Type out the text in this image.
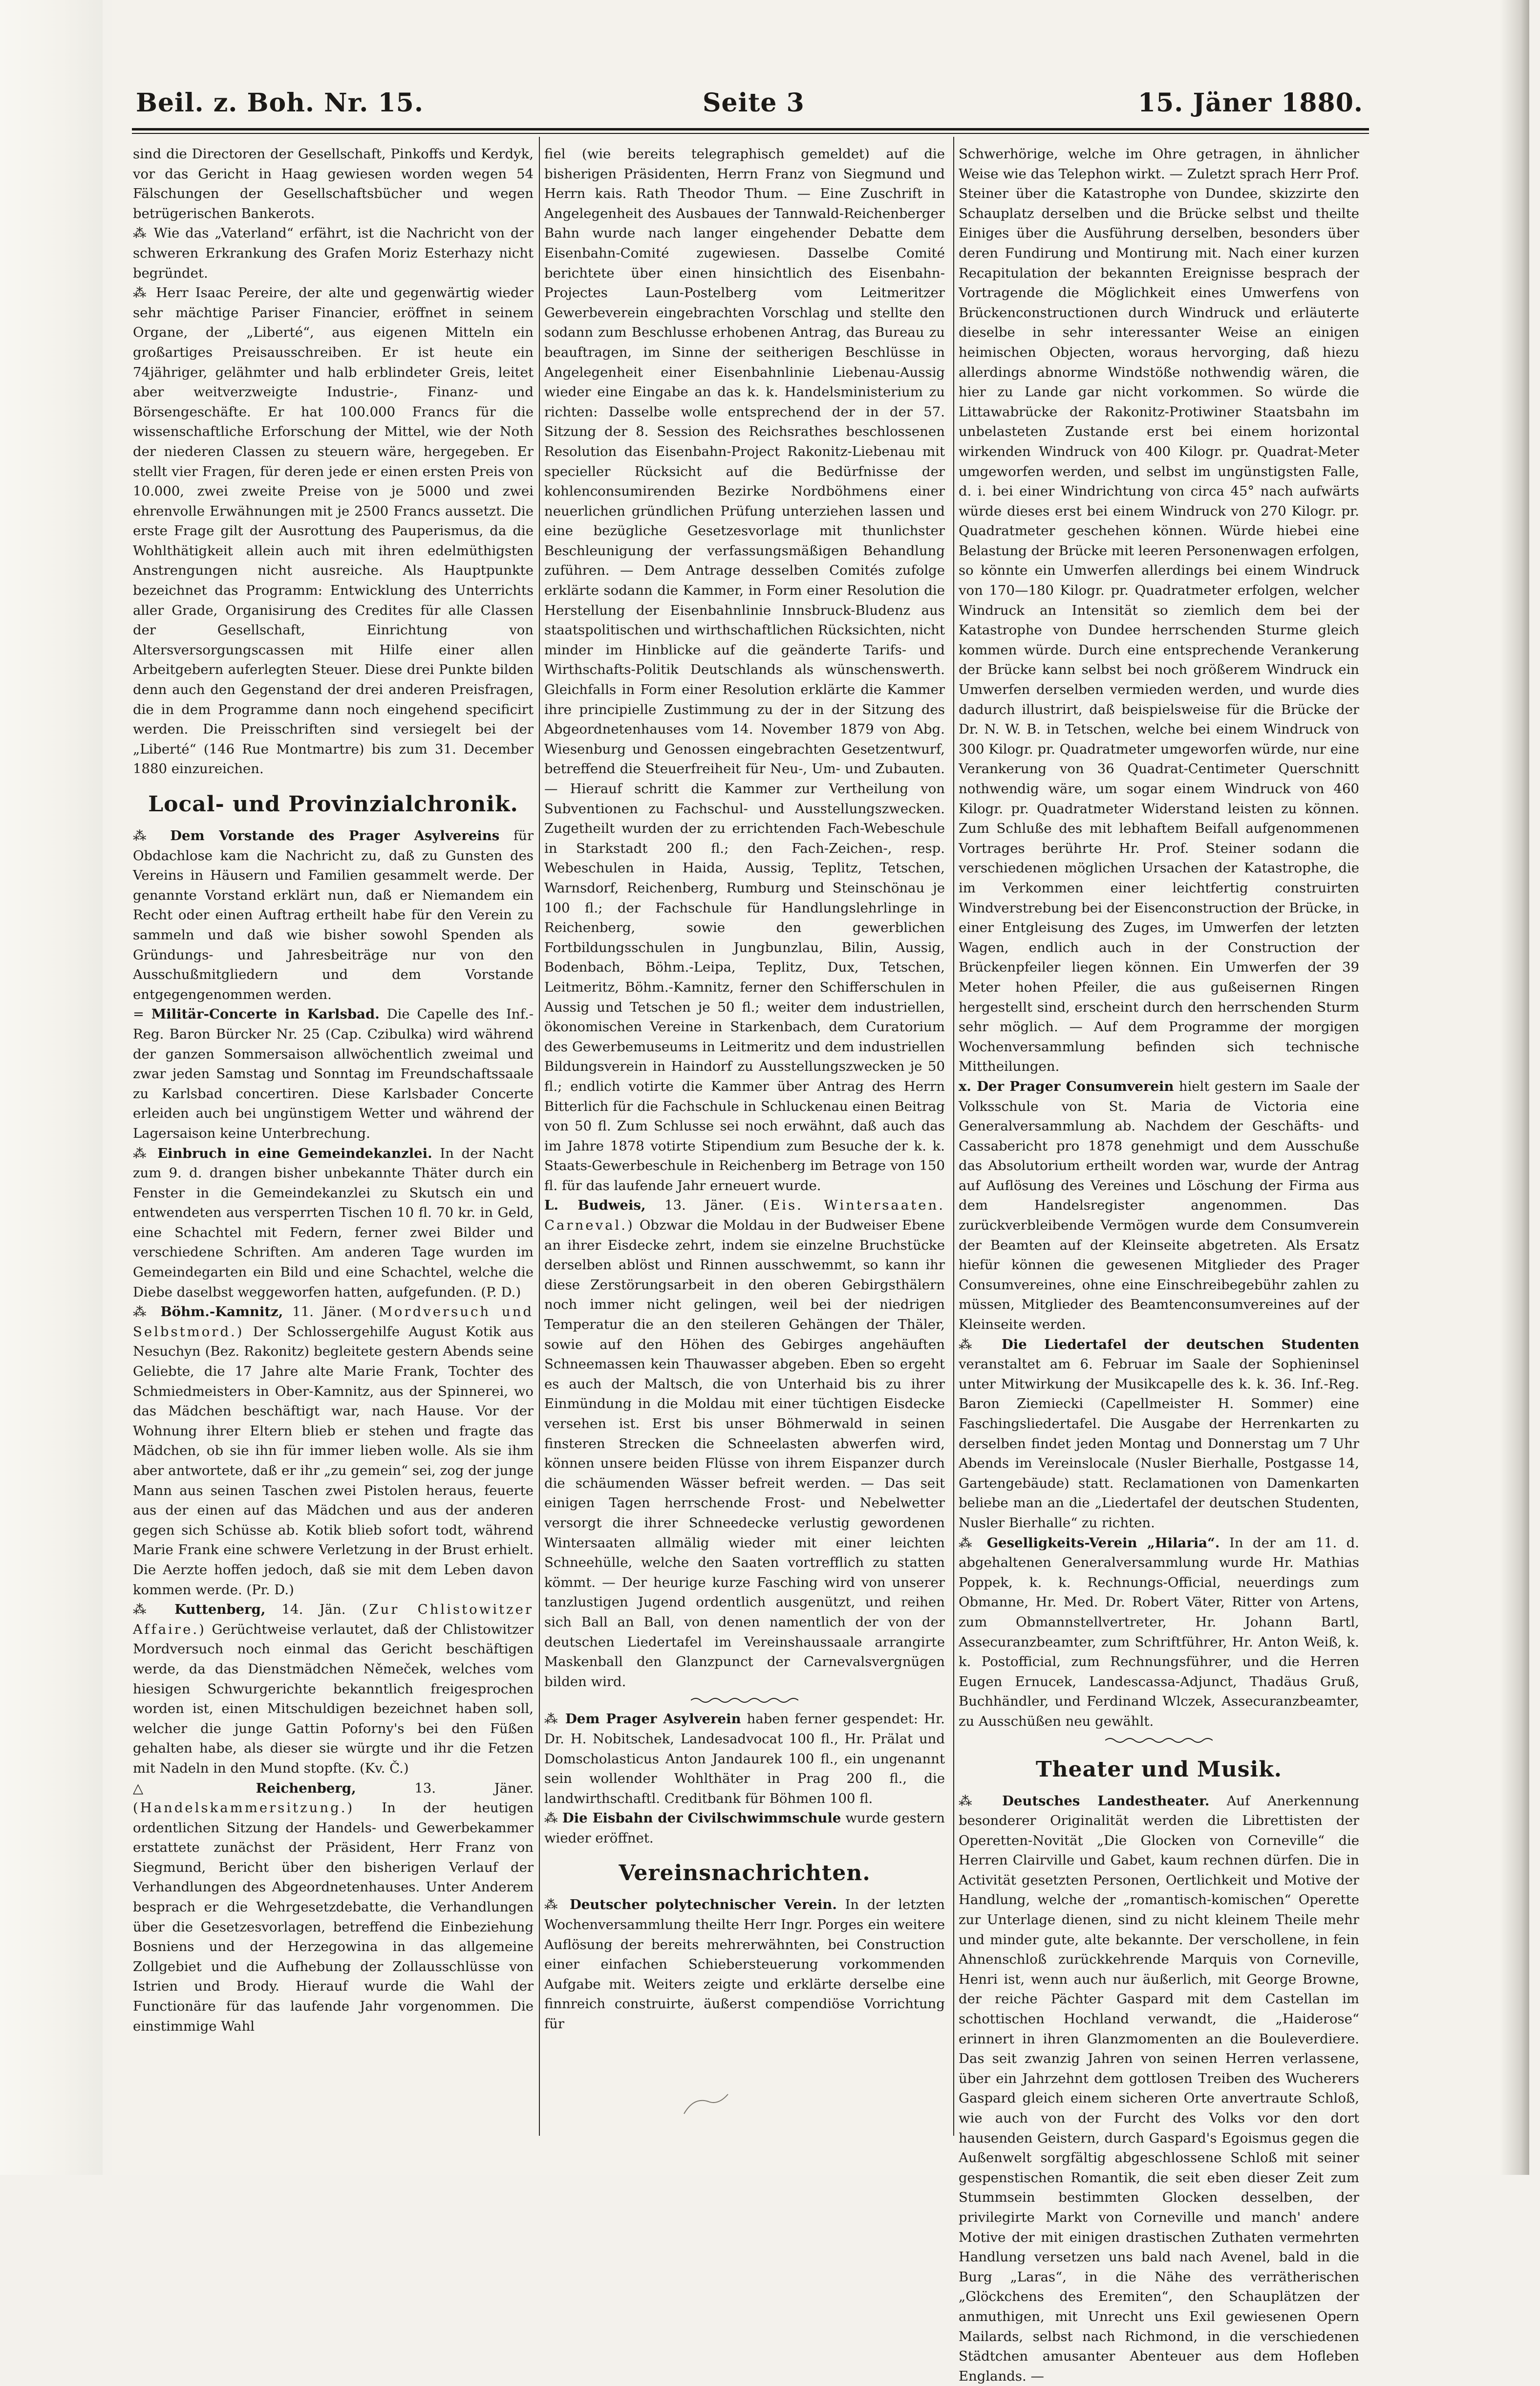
Beil. z. Boh. Nr. 15.	Seite 3	15. Jäner 1880.

sind die Directoren der Gesellschaft, Pinkoffs und Kerdyk, vor das Gericht in Haag gewiesen worden wegen 54 Fälschungen der Gesellschaftsbücher und wegen betrügerischen Bankerots.

⁂ Wie das „Vaterland“ erfährt, ist die Nachricht von der schweren Erkrankung des Grafen Moriz Esterhazy nicht begründet.

⁂ Herr Isaac Pereire, der alte und gegenwärtig wieder sehr mächtige Pariser Financier, eröffnet in seinem Organe, der „Liberté“, aus eigenen Mitteln ein großartiges Preisausschreiben. Er ist heute ein 74jähriger, gelähmter und halb erblindeter Greis, leitet aber weitverzweigte Industrie-, Finanz- und Börsengeschäfte. Er hat 100.000 Francs für die wissenschaftliche Erforschung der Mittel, wie der Noth der niederen Classen zu steuern wäre, hergegeben. Er stellt vier Fragen, für deren jede er einen ersten Preis von 10.000, zwei zweite Preise von je 5000 und zwei ehrenvolle Erwähnungen mit je 2500 Francs aussetzt. Die erste Frage gilt der Ausrottung des Pauperismus, da die Wohlthätigkeit allein auch mit ihren edelmüthigsten Anstrengungen nicht ausreiche. Als Hauptpunkte bezeichnet das Programm: Entwicklung des Unterrichts aller Grade, Organisirung des Credites für alle Classen der Gesellschaft, Einrichtung von Altersversorgungscassen mit Hilfe einer allen Arbeitgebern auferlegten Steuer. Diese drei Punkte bilden denn auch den Gegenstand der drei anderen Preisfragen, die in dem Programme dann noch eingehend specificirt werden. Die Preisschriften sind versiegelt bei der „Liberté“ (146 Rue Montmartre) bis zum 31. December 1880 einzureichen.

Local- und Provinzialchronik.

⁂ Dem Vorstande des Prager Asylvereins für Obdachlose kam die Nachricht zu, daß zu Gunsten des Vereins in Häusern und Familien gesammelt werde. Der genannte Vorstand erklärt nun, daß er Niemandem ein Recht oder einen Auftrag ertheilt habe für den Verein zu sammeln und daß wie bisher sowohl Spenden als Gründungs- und Jahresbeiträge nur von den Ausschußmitgliedern und dem Vorstande entgegengenommen werden.

= Militär-Concerte in Karlsbad. Die Capelle des Inf.-Reg. Baron Bürcker Nr. 25 (Cap. Czibulka) wird während der ganzen Sommersaison allwöchentlich zweimal und zwar jeden Samstag und Sonntag im Freundschaftssaale zu Karlsbad concertiren. Diese Karlsbader Concerte erleiden auch bei ungünstigem Wetter und während der Lagersaison keine Unterbrechung.

⁂ Einbruch in eine Gemeindekanzlei. In der Nacht zum 9. d. drangen bisher unbekannte Thäter durch ein Fenster in die Gemeindekanzlei zu Skutsch ein und entwendeten aus versperrten Tischen 10 fl. 70 kr. in Geld, eine Schachtel mit Federn, ferner zwei Bilder und verschiedene Schriften. Am anderen Tage wurden im Gemeindegarten ein Bild und eine Schachtel, welche die Diebe daselbst weggeworfen hatten, aufgefunden. (P. D.)

⁂ Böhm.-Kamnitz, 11. Jäner. (Mordversuch und Selbstmord.) Der Schlossergehilfe August Kotik aus Nesuchyn (Bez. Rakonitz) begleitete gestern Abends seine Geliebte, die 17 Jahre alte Marie Frank, Tochter des Schmiedmeisters in Ober-Kamnitz, aus der Spinnerei, wo das Mädchen beschäftigt war, nach Hause. Vor der Wohnung ihrer Eltern blieb er stehen und fragte das Mädchen, ob sie ihn für immer lieben wolle. Als sie ihm aber antwortete, daß er ihr „zu gemein“ sei, zog der junge Mann aus seinen Taschen zwei Pistolen heraus, feuerte aus der einen auf das Mädchen und aus der anderen gegen sich Schüsse ab. Kotik blieb sofort todt, während Marie Frank eine schwere Verletzung in der Brust erhielt. Die Aerzte hoffen jedoch, daß sie mit dem Leben davon kommen werde. (Pr. D.)

⁂ Kuttenberg, 14. Jän. (Zur Chlistowitzer Affaire.) Gerüchtweise verlautet, daß der Chlistowitzer Mordversuch noch einmal das Gericht beschäftigen werde, da das Dienstmädchen Němeček, welches vom hiesigen Schwurgerichte bekanntlich freigesprochen worden ist, einen Mitschuldigen bezeichnet haben soll, welcher die junge Gattin Poforny's bei den Füßen gehalten habe, als dieser sie würgte und ihr die Fetzen mit Nadeln in den Mund stopfte. (Kv. Č.)

△ Reichenberg,	13. Jäner. (Handelskammersitzung.) In der heutigen ordentlichen Sitzung der Handels- und Gewerbekammer erstattete zunächst der Präsident, Herr Franz von Siegmund, Bericht über den bisherigen Verlauf der Verhandlungen des Abgeordnetenhauses. Unter Anderem besprach er die Wehrgesetzdebatte, die Verhandlungen über die Gesetzesvorlagen, betreffend die Einbeziehung Bosniens und der Herzegowina in das allgemeine Zollgebiet und die Aufhebung der Zollausschlüsse von Istrien und Brody. Hierauf wurde die Wahl der Functionäre für das laufende Jahr vorgenommen. Die einstimmige Wahl

fiel (wie bereits telegraphisch gemeldet) auf die bisherigen Präsidenten, Herrn Franz von Siegmund und Herrn kais. Rath Theodor Thum. — Eine Zuschrift in Angelegenheit des Ausbaues der Tannwald-Reichenberger Bahn wurde nach langer eingehender Debatte dem Eisenbahn-Comité zugewiesen. Dasselbe Comité berichtete über einen hinsichtlich des Eisenbahn-Projectes Laun-Postelberg vom Leitmeritzer Gewerbeverein eingebrachten Vorschlag und stellte den sodann zum Beschlusse erhobenen Antrag, das Bureau zu beauftragen, im Sinne der seitherigen Beschlüsse in Angelegenheit einer Eisenbahnlinie Liebenau-Aussig wieder eine Eingabe an das k. k. Handelsministerium zu richten: Dasselbe wolle entsprechend der in der 57. Sitzung der 8. Session des Reichsrathes beschlossenen Resolution das Eisenbahn-Project Rakonitz-Liebenau mit specieller Rücksicht auf die Bedürfnisse der kohlenconsumirenden Bezirke Nordböhmens einer neuerlichen gründlichen Prüfung unterziehen lassen und eine bezügliche Gesetzesvorlage mit thunlichster Beschleunigung der verfassungsmäßigen Behandlung zuführen. — Dem Antrage desselben Comités zufolge erklärte sodann die Kammer, in Form einer Resolution die Herstellung der Eisenbahnlinie Innsbruck-Bludenz aus staatspolitischen und wirthschaftlichen Rücksichten, nicht minder im Hinblicke auf die geänderte Tarifs- und Wirthschafts-Politik Deutschlands als wünschenswerth. Gleichfalls in Form einer Resolution erklärte die Kammer ihre principielle Zustimmung zu der in der Sitzung des Abgeordnetenhauses vom 14. November 1879 von Abg. Wiesenburg und Genossen eingebrachten Gesetzentwurf, betreffend die Steuerfreiheit für Neu-, Um- und Zubauten. — Hierauf schritt die Kammer zur Vertheilung von Subventionen zu Fachschul- und Ausstellungszwecken. Zugetheilt wurden der zu errichtenden Fach-Webeschule in Starkstadt 200 fl.; den Fach-Zeichen-, resp. Webeschulen in Haida, Aussig, Teplitz, Tetschen, Warnsdorf, Reichenberg, Rumburg und Steinschönau je 100 fl.; der Fachschule für Handlungslehrlinge in Reichenberg, sowie den gewerblichen Fortbildungsschulen in Jungbunzlau, Bilin, Aussig, Bodenbach, Böhm.-Leipa, Teplitz, Dux, Tetschen, Leitmeritz, Böhm.-Kamnitz, ferner den Schifferschulen in Aussig und Tetschen je 50 fl.; weiter dem industriellen, ökonomischen Vereine in Starkenbach, dem Curatorium des Gewerbemuseums in Leitmeritz und dem industriellen Bildungsverein in Haindorf zu Ausstellungszwecken je 50 fl.; endlich votirte die Kammer über Antrag des Herrn Bitterlich für die Fachschule in Schluckenau einen Beitrag von 50 fl. Zum Schlusse sei noch erwähnt, daß auch das im Jahre 1878 votirte Stipendium zum Besuche der k. k. Staats-Gewerbeschule in Reichenberg im Betrage von 150 fl. für das laufende Jahr erneuert wurde.

L. Budweis, 13. Jäner. (Eis. Wintersaaten. Carneval.) Obzwar die Moldau in der Budweiser Ebene an ihrer Eisdecke zehrt, indem sie einzelne Bruchstücke derselben ablöst und Rinnen ausschwemmt, so kann ihr diese Zerstörungsarbeit in den oberen Gebirgsthälern noch immer nicht gelingen, weil bei der niedrigen Temperatur die an den steileren Gehängen der Thäler, sowie auf den Höhen des Gebirges angehäuften Schneemassen kein Thauwasser abgeben. Eben so ergeht es auch der Maltsch, die von Unterhaid bis zu ihrer Einmündung in die Moldau mit einer tüchtigen Eisdecke versehen ist. Erst bis unser Böhmerwald in seinen finsteren Strecken die Schneelasten abwerfen wird, können unsere beiden Flüsse von ihrem Eispanzer durch die schäumenden Wässer befreit werden. — Das seit einigen Tagen herrschende Frost- und Nebelwetter versorgt die ihrer Schneedecke verlustig gewordenen Wintersaaten allmälig wieder mit einer leichten Schneehülle, welche den Saaten vortrefflich zu statten kömmt. — Der heurige kurze Fasching wird von unserer tanzlustigen Jugend ordentlich ausgenützt, und reihen sich Ball an Ball, von denen namentlich der von der deutschen Liedertafel im Vereinshaussaale arrangirte Maskenball den Glanzpunct der Carnevalsvergnügen bilden wird.

⁂ Dem Prager Asylverein haben ferner gespendet: Hr. Dr. H. Nobitschek, Landesadvocat 100 fl., Hr. Prälat und Domscholasticus Anton Jandaurek 100 fl., ein ungenannt sein wollender Wohlthäter in Prag 200 fl., die landwirthschaftl. Creditbank für Böhmen 100 fl.

⁂ Die Eisbahn der Civilschwimmschule wurde gestern wieder eröffnet.

Vereinsnachrichten.

⁂ Deutscher polytechnischer Verein. In der letzten Wochenversammlung theilte Herr Ingr. Porges ein weitere Auflösung der bereits mehrerwähnten, bei Construction einer einfachen Schiebersteuerung vorkommenden Aufgabe mit. Weiters zeigte und erklärte derselbe eine finnreich construirte, äußerst compendiöse Vorrichtung für

Schwerhörige, welche im Ohre getragen, in ähnlicher Weise wie das Telephon wirkt. — Zuletzt sprach Herr Prof. Steiner über die Katastrophe von Dundee, skizzirte den Schauplatz derselben und die Brücke selbst und theilte Einiges über die Ausführung derselben, besonders über deren Fundirung und Montirung mit. Nach einer kurzen Recapitulation der bekannten Ereignisse besprach der Vortragende die Möglichkeit eines Umwerfens von Brückenconstructionen durch Windruck und erläuterte dieselbe in sehr interessanter Weise an einigen heimischen Objecten, woraus hervorging, daß hiezu allerdings abnorme Windstöße nothwendig wären, die hier zu Lande gar nicht vorkommen. So würde die Littawabrücke der Rakonitz-Protiwiner Staatsbahn im unbelasteten Zustande erst bei einem horizontal wirkenden Windruck von 400 Kilogr. pr. Quadrat-Meter umgeworfen werden, und selbst im ungünstigsten Falle, d. i. bei einer Windrichtung von circa 45° nach aufwärts würde dieses erst bei einem Windruck von 270 Kilogr. pr. Quadratmeter geschehen können. Würde hiebei eine Belastung der Brücke mit leeren Personenwagen erfolgen, so könnte ein Umwerfen allerdings bei einem Windruck von 170—180 Kilogr. pr. Quadratmeter erfolgen, welcher Windruck an Intensität so ziemlich dem bei der Katastrophe von Dundee herrschenden Sturme gleich kommen würde. Durch eine entsprechende Verankerung der Brücke kann selbst bei noch größerem Windruck ein Umwerfen derselben vermieden werden, und wurde dies dadurch illustrirt, daß beispielsweise für die Brücke der Dr. N. W. B. in Tetschen, welche bei einem Windruck von 300 Kilogr. pr. Quadratmeter umgeworfen würde, nur eine Verankerung von 36 Quadrat-Centimeter Querschnitt nothwendig wäre, um sogar einem Windruck von 460 Kilogr. pr. Quadratmeter Widerstand leisten zu können. Zum Schluße des mit lebhaftem Beifall aufgenommenen Vortrages berührte Hr. Prof. Steiner sodann die verschiedenen möglichen Ursachen der Katastrophe, die im Verkommen einer leichtfertig construirten Windverstrebung bei der Eisenconstruction der Brücke, in einer Entgleisung des Zuges, im Umwerfen der letzten Wagen, endlich auch in der Construction der Brückenpfeiler liegen können. Ein Umwerfen der 39 Meter hohen Pfeiler, die aus gußeisernen Ringen hergestellt sind, erscheint durch den herrschenden Sturm sehr möglich. — Auf dem Programme der morgigen Wochenversammlung befinden sich technische Mittheilungen.

x. Der Prager Consumverein hielt gestern im Saale der Volksschule von St. Maria de Victoria eine Generalversammlung ab. Nachdem der Geschäfts- und Cassabericht pro 1878 genehmigt und dem Ausschuße das Absolutorium ertheilt worden war, wurde der Antrag auf Auflösung des Vereines und Löschung der Firma aus dem Handelsregister angenommen. Das zurückverbleibende Vermögen wurde dem Consumverein der Beamten auf der Kleinseite abgetreten. Als Ersatz hiefür können die gewesenen Mitglieder des Prager Consumvereines, ohne eine Einschreibegebühr zahlen zu müssen, Mitglieder des Beamtenconsumvereines auf der Kleinseite werden.

⁂ Die Liedertafel der deutschen Studenten veranstaltet am 6. Februar im Saale der Sophieninsel unter Mitwirkung der Musikcapelle des k. k. 36. Inf.-Reg. Baron Ziemiecki (Capellmeister H. Sommer) eine Faschingsliedertafel. Die Ausgabe der Herrenkarten zu derselben findet jeden Montag und Donnerstag um 7 Uhr Abends im Vereinslocale (Nusler Bierhalle, Postgasse 14, Gartengebäude) statt. Reclamationen von Damenkarten beliebe man an die „Liedertafel der deutschen Studenten, Nusler Bierhalle“ zu richten.

⁂ Geselligkeits-Verein „Hilaria“. In der am 11. d. abgehaltenen Generalversammlung wurde Hr. Mathias Poppek, k. k. Rechnungs-Official, neuerdings zum Obmanne, Hr. Med. Dr. Robert Väter, Ritter von Artens, zum Obmannstellvertreter, Hr. Johann Bartl, Assecuranzbeamter, zum Schriftführer, Hr. Anton Weiß, k. k. Postofficial, zum Rechnungsführer, und die Herren Eugen Ernucek, Landescassa-Adjunct, Thadäus Gruß, Buchhändler, und Ferdinand Wlczek, Assecuranzbeamter, zu Ausschüßen neu gewählt.

Theater und Musik.

⁂ Deutsches Landestheater. Auf Anerkennung besonderer Originalität werden die Librettisten der Operetten-Novität „Die Glocken von Corneville“ die Herren Clairville und Gabet, kaum rechnen dürfen. Die in Activität gesetzten Personen, Oertlichkeit und Motive der Handlung, welche der „romantisch-komischen“ Operette zur Unterlage dienen, sind zu nicht kleinem Theile mehr und minder gute, alte bekannte. Der verschollene, in fein Ahnenschloß zurückkehrende Marquis von Corneville, Henri ist, wenn auch nur äußerlich, mit George Browne, der reiche Pächter Gaspard mit dem Castellan im schottischen Hochland verwandt, die „Haiderose“ erinnert in ihren Glanzmomenten an die Bouleverdiere. Das seit zwanzig Jahren von seinen Herren verlassene, über ein Jahrzehnt dem gottlosen Treiben des Wucherers Gaspard gleich einem sicheren Orte anvertraute Schloß, wie auch von der Furcht des Volks vor den dort hausenden Geistern, durch Gaspard's Egoismus gegen die Außenwelt sorgfältig abgeschlossene Schloß mit seiner gespenstischen Romantik, die seit eben dieser Zeit zum Stummsein bestimmten Glocken desselben, der privilegirte Markt von Corneville und manch' andere Motive der mit einigen drastischen Zuthaten vermehrten Handlung versetzen uns bald nach Avenel, bald in die Burg „Laras“, in die Nähe des verrätherischen „Glöckchens des Eremiten“, den Schauplätzen der anmuthigen, mit Unrecht uns Exil gewiesenen Opern Mailards, selbst nach Richmond, in die verschiedenen Städtchen amusanter Abenteuer aus dem Hofleben Englands. —
